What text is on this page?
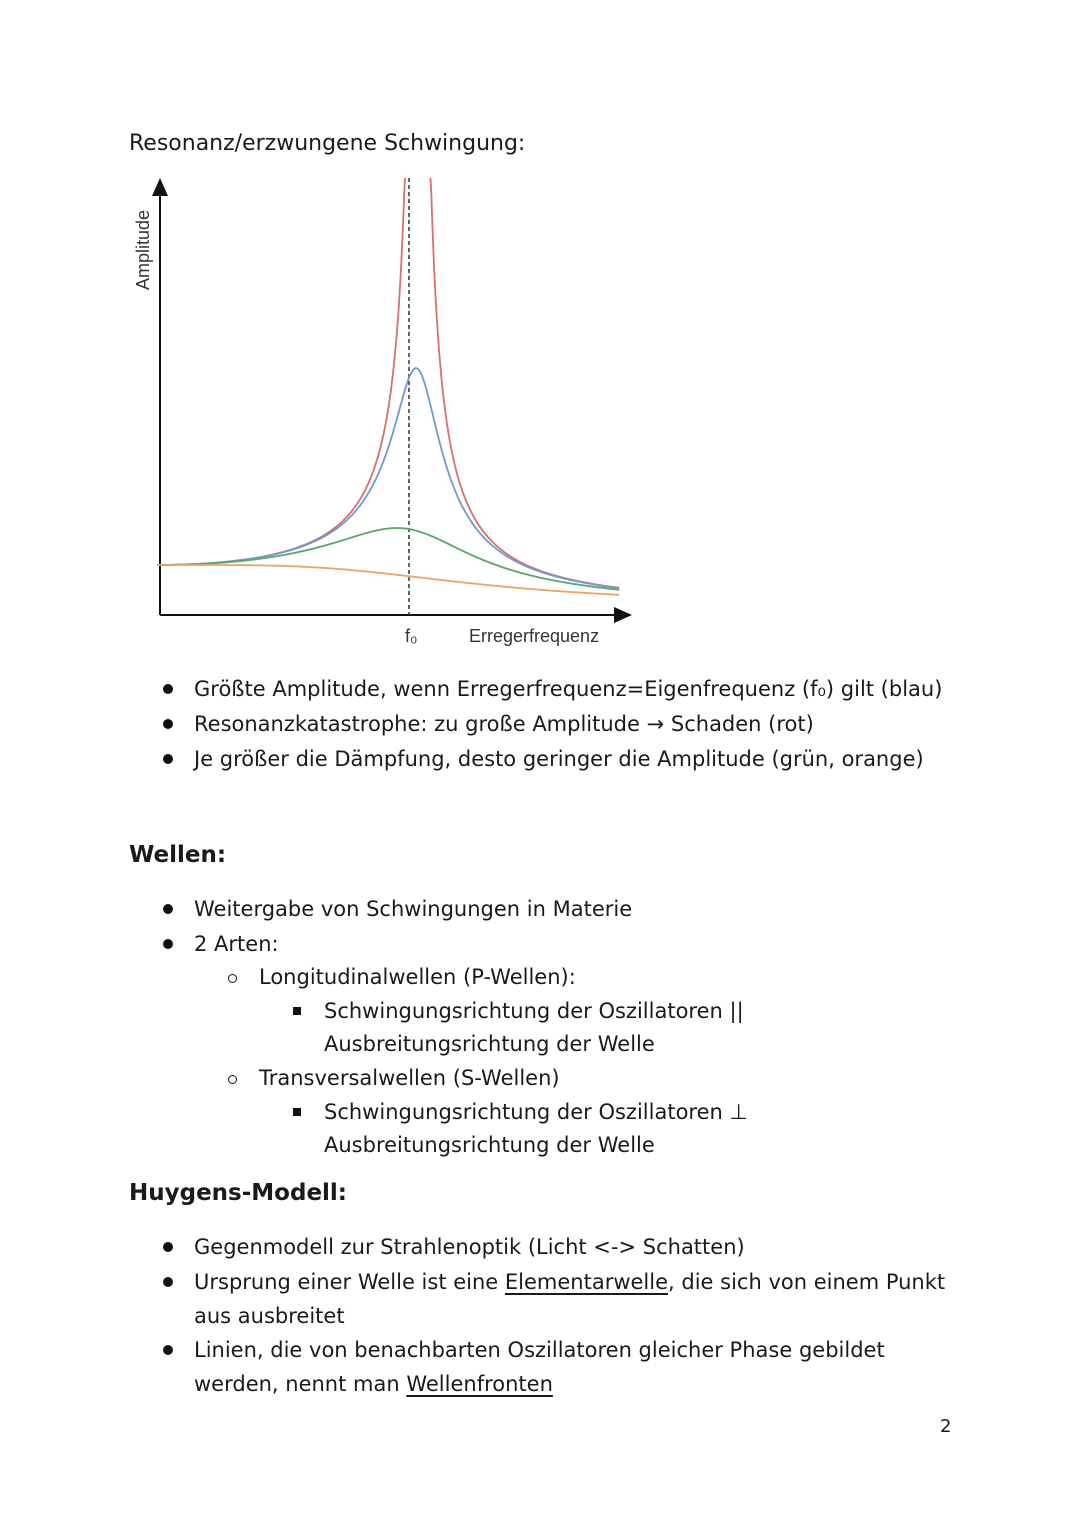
Resonanz/erzwungene Schwingung:
Amplitude
f₀	Erregerfrequenz
Größte Amplitude, wenn Erregerfrequenz=Eigenfrequenz (f₀) gilt (blau)
Resonanzkatastrophe: zu große Amplitude → Schaden (rot)
Je größer die Dämpfung, desto geringer die Amplitude (grün, orange)
Wellen:
Weitergabe von Schwingungen in Materie
2 Arten:
Longitudinalwellen (P-Wellen):
Schwingungsrichtung der Oszillatoren ||
Ausbreitungsrichtung der Welle
Transversalwellen (S-Wellen)
Schwingungsrichtung der Oszillatoren ⊥
Ausbreitungsrichtung der Welle
Huygens-Modell:
Gegenmodell zur Strahlenoptik (Licht <-> Schatten)
Ursprung einer Welle ist eine Elementarwelle, die sich von einem Punkt
aus ausbreitet
Linien, die von benachbarten Oszillatoren gleicher Phase gebildet
werden, nennt man Wellenfronten
2
